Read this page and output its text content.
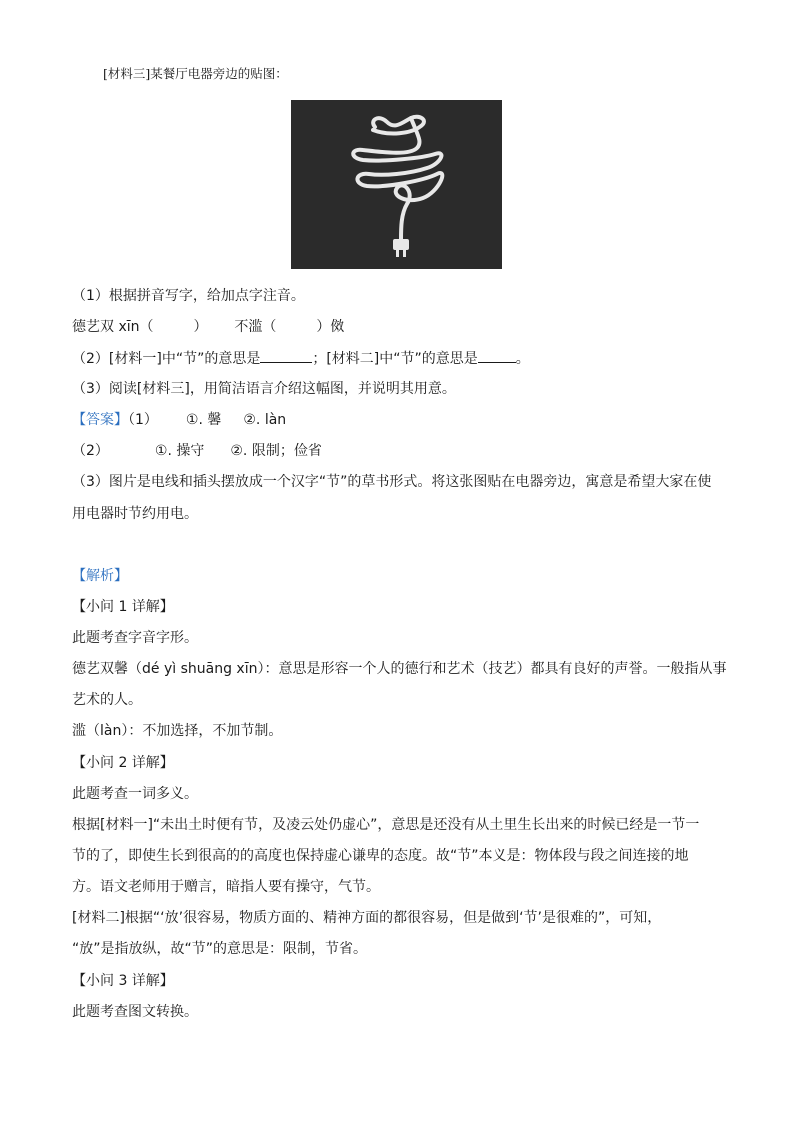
[材料三]某餐厅电器旁边的贴图：
（1）根据拼音写字，给加点字注音。
德艺双 xīn（	） 不滥（	）傚
（2）[材料一]中“节”的意思是	；[材料二]中“节”的意思是	。
（3）阅读[材料三]，用简洁语言介绍这幅图，并说明其用意。
【答案】（1） ①. 馨 ②. làn
（2）	①. 操守 ②. 限制；俭省
（3）图片是电线和插头摆放成一个汉字“节”的草书形式。将这张图贴在电器旁边，寓意是希望大家在使
用电器时节约用电。
【解析】
【小问 1 详解】
此题考查字音字形。
德艺双馨（dé yì shuāng xīn）：意思是形容一个人的德行和艺术（技艺）都具有良好的声誉。一般指从事
艺术的人。
滥（làn）：不加选择，不加节制。
【小问 2 详解】
此题考查一词多义。
根据[材料一]“未出土时便有节，及凌云处仍虚心”，意思是还没有从土里生长出来的时候已经是一节一
节的了，即使生长到很高的的高度也保持虚心谦卑的态度。故“节”本义是：物体段与段之间连接的地
方。语文老师用于赠言，暗指人要有操守，气节。
[材料二]根据“‘放’很容易，物质方面的、精神方面的都很容易，但是做到‘节’是很难的”，可知，
“放”是指放纵，故“节”的意思是：限制，节省。
【小问 3 详解】
此题考查图文转换。
